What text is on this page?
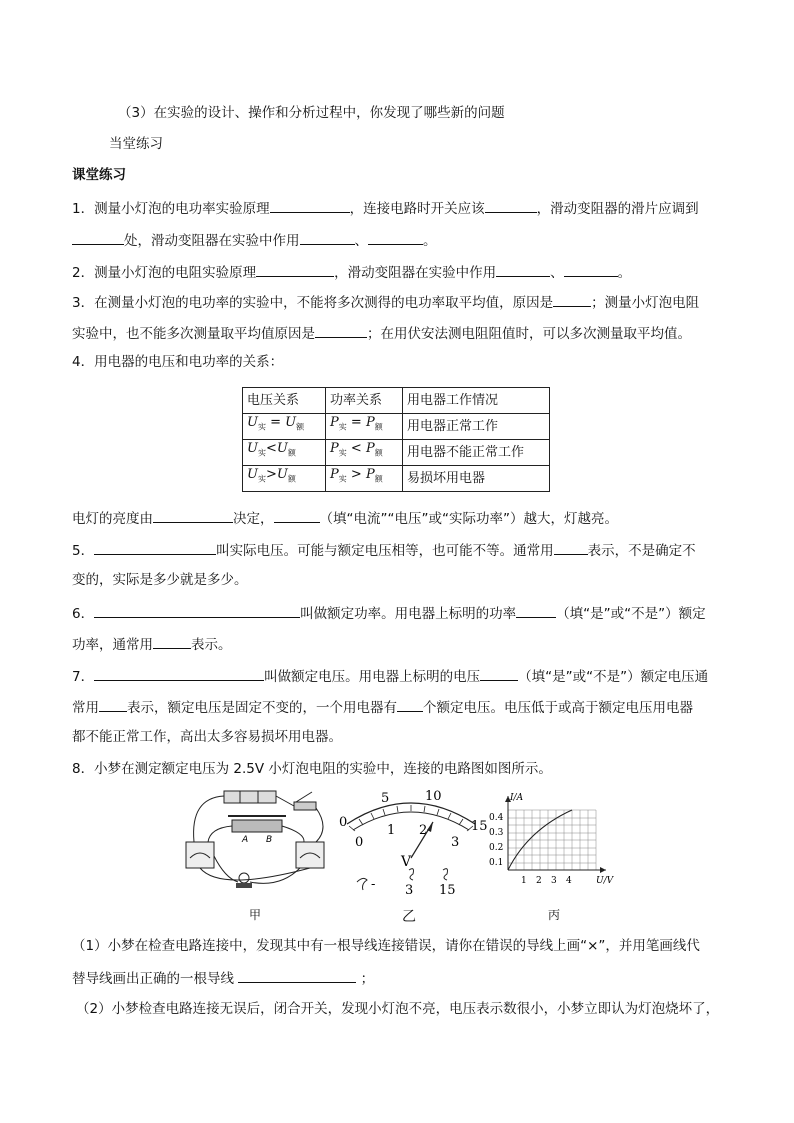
（3）在实验的设计、操作和分析过程中，你发现了哪些新的问题
当堂练习
课堂练习
1．测量小灯泡的电功率实验原理	，连接电路时开关应该	，滑动变阻器的滑片应调到
处，滑动变阻器在实验中作用	、	。
2．测量小灯泡的电阻实验原理	，滑动变阻器在实验中作用	、	。
3．在测量小灯泡的电功率的实验中，不能将多次测得的电功率取平均值，原因是	；测量小灯泡电阻
实验中，也不能多次测量取平均值原因是	；在用伏安法测电阻阻值时，可以多次测量取平均值。
4．用电器的电压和电功率的关系：
电压关系	功率关系	用电器工作情况
$U_实 = U_额$	$P_实 = P_额$	用电器正常工作
$U_实<U_额$	$P_实 < P_额$	用电器不能正常工作
$U_实>U_额$	$P_实 > P_额$	易损坏用电器
电灯的亮度由	决定，	（填“电流”“电压”或“实际功率”）越大，灯越亮。
5．	叫实际电压。可能与额定电压相等，也可能不等。通常用	表示，不是确定不
变的，实际是多少就是多少。
6．	叫做额定功率。用电器上标明的功率	（填“是”或“不是”）额定
功率，通常用	表示。
7．	叫做额定电压。用电器上标明的电压	（填“是”或“不是”）额定电压通
常用 表示，额定电压是固定不变的，一个用电器有 个额定电压。电压低于或高于额定电压用电器
都不能正常工作，高出太多容易损坏用电器。
8．小梦在测定额定电压为 2.5V 小灯泡电阻的实验中，连接的电路图如图所示。
A B
甲
0
5	10
15
0
1 2
3
V
- 3 15
乙
I/A
0.4
0.3
0.2
0.1
1 2 3 4	U/V
丙
（1）小梦在检查电路连接中，发现其中有一根导线连接错误，请你在错误的导线上画“×”，并用笔画线代
替导线画出正确的一根导线	；
（2）小梦检查电路连接无误后，闭合开关，发现小灯泡不亮，电压表示数很小，小梦立即认为灯泡烧坏了，
